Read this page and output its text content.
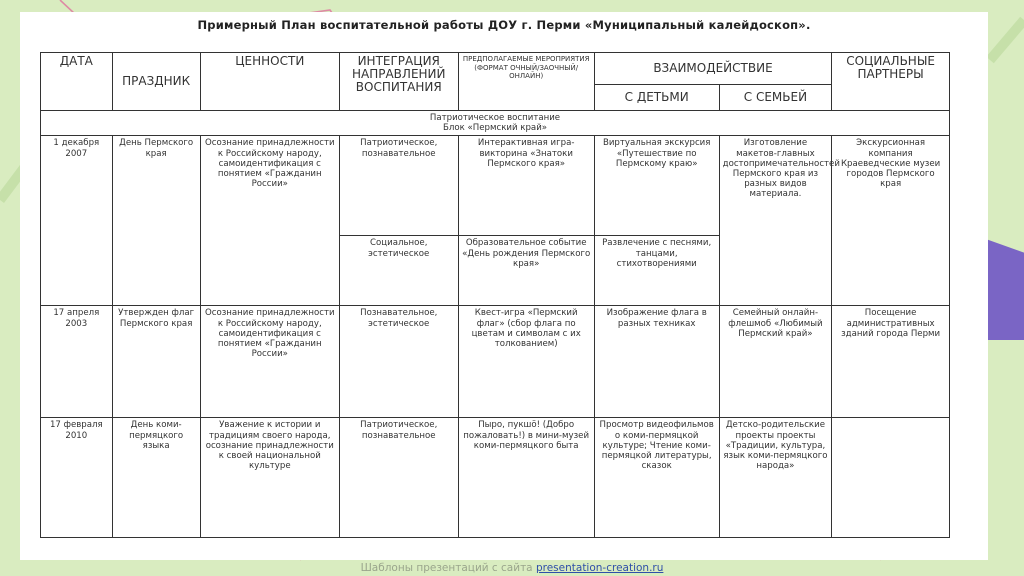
Примерный План воспитательной работы ДОУ г. Перми «Муниципальный калейдоскоп».
ДАТА	ПРАЗДНИК	ЦЕННОСТИ	ИНТЕГРАЦИЯ НАПРАВЛЕНИЙ ВОСПИТАНИЯ	ПРЕДПОЛАГАЕМЫЕ МЕРОПРИЯТИЯ (ФОРМАТ ОЧНЫЙ/ЗАОЧНЫЙ/ ОНЛАЙН)	ВЗАИМОДЕЙСТВИЕ		СОЦИАЛЬНЫЕ ПАРТНЕРЫ
					С ДЕТЬМИ	С СЕМЬЕЙ	

Патриотическое воспитание
Блок «Пермский край»							

1 декабря 2007	День Пермского края	Осознание принадлежности к Российскому народу, самоидентификация с понятием «Гражданин России»	Патриотическое, познавательное	Интерактивная игра-викторина «Знатоки Пермского края»	Виртуальная экскурсия «Путешествие по Пермскому краю»	Изготовление макетов-главных достопримечательностей Пермского края из разных видов материала.	Экскурсионная компания Краеведческие музеи городов Пермского края
			Социальное, эстетическое	Образовательное событие «День рождения Пермского края»	Развлечение с песнями, танцами, стихотворениями		
17 апреля 2003	Утвержден флаг Пермского края	Осознание принадлежности к Российскому народу, самоидентификация с понятием «Гражданин России»	Познавательное, эстетическое	Квест-игра «Пермский флаг» (сбор флага по цветам и символам с их толкованием)	Изображение флага в разных техниках	Семейный онлайн-флешмоб «Любимый Пермский край»	Посещение административных зданий города Перми
17 февраля 2010	День коми-пермяцкого языка	Уважение к истории и традициям своего народа, осознание принадлежности к своей национальной культуре	Патриотическое, познавательное	Пыро, пукшӧ! (Добро пожаловать!) в мини-музей коми-пермяцкого быта	Просмотр видеофильмов о коми-пермяцкой культуре; Чтение коми-пермяцкой литературы, сказок	Детско-родительские проекты проекты «Традиции, культура, язык коми-пермяцкого народа»	
Шаблоны презентаций с сайта presentation-creation.ru
